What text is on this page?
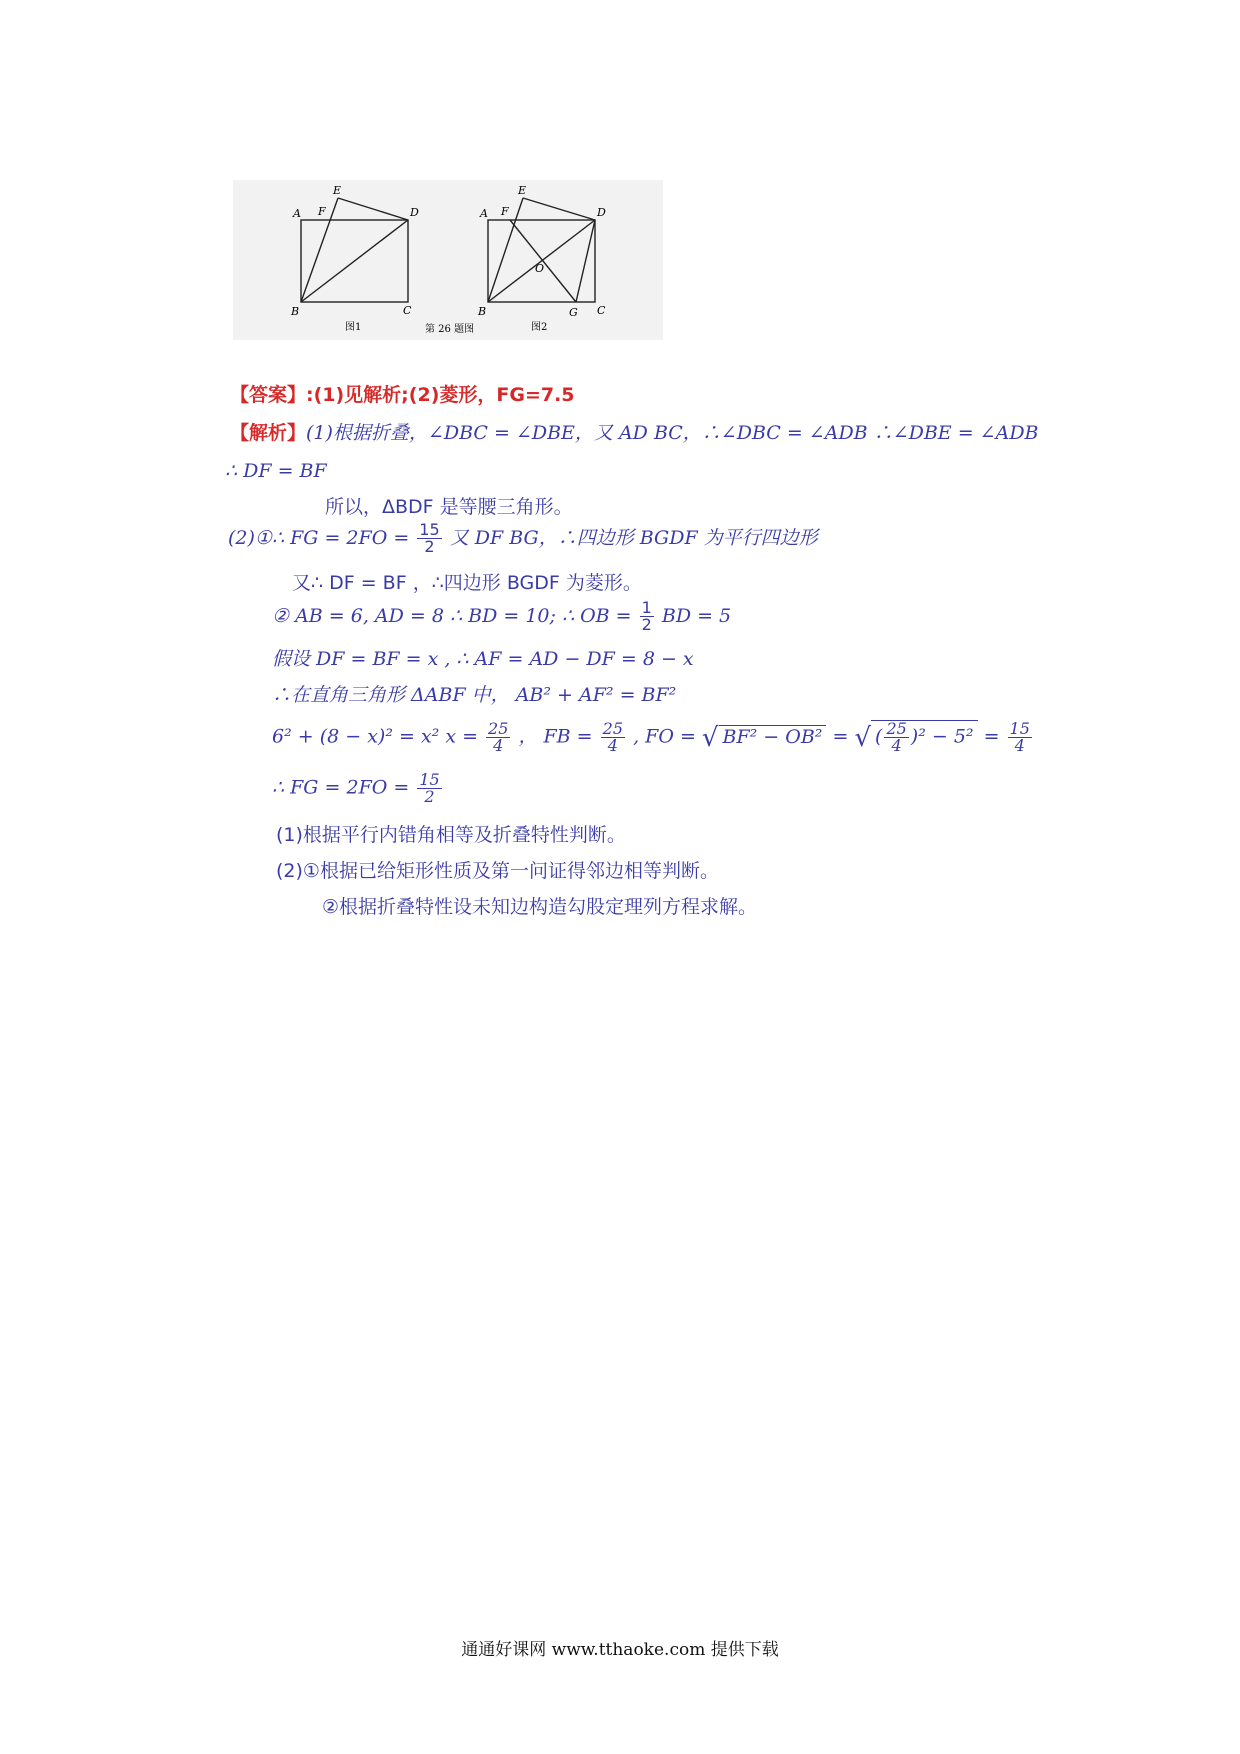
A F
E
D
B	C
图1	第 26 题图
A F
E
D
B
O
G C
图2
【答案】:(1)见解析;(2)菱形，FG=7.5
【解析】(1)根据折叠，∠DBC = ∠DBE，又 AD BC，∴∠DBC = ∠ADB ∴∠DBE = ∠ADB
∴ DF = BF
所以，ΔBDF 是等腰三角形。
(2)①∴ FG = $2FO = \frac{15}{2}$ 又 DF BG，∴四边形 BGDF 为平行四边形
又∴ DF = BF ，∴四边形 BGDF 为菱形。
② AB = 6, AD = 8 ∴ BD = 10; ∴ OB = $\frac{1}{2}$ BD = 5
假设 DF = BF = x , ∴ AF = AD − DF = 8 − x
∴在直角三角形 ΔABF 中， AB² + AF² = BF²
6² + (8 − x)² = x² $x = \frac{25}{4}$ ， FB = $\frac{25}{4}$ , FO = √ BF² − OB² = √ ( $\frac{25}{4} )^2 - 5^2 = \frac{15}{4}$
∴ FG = $2FO = \frac{15}{2}$
(1)根据平行内错角相等及折叠特性判断。
(2)①根据已给矩形性质及第一问证得邻边相等判断。
②根据折叠特性设未知边构造勾股定理列方程求解。
通通好课网 www.tthaoke.com 提供下载
